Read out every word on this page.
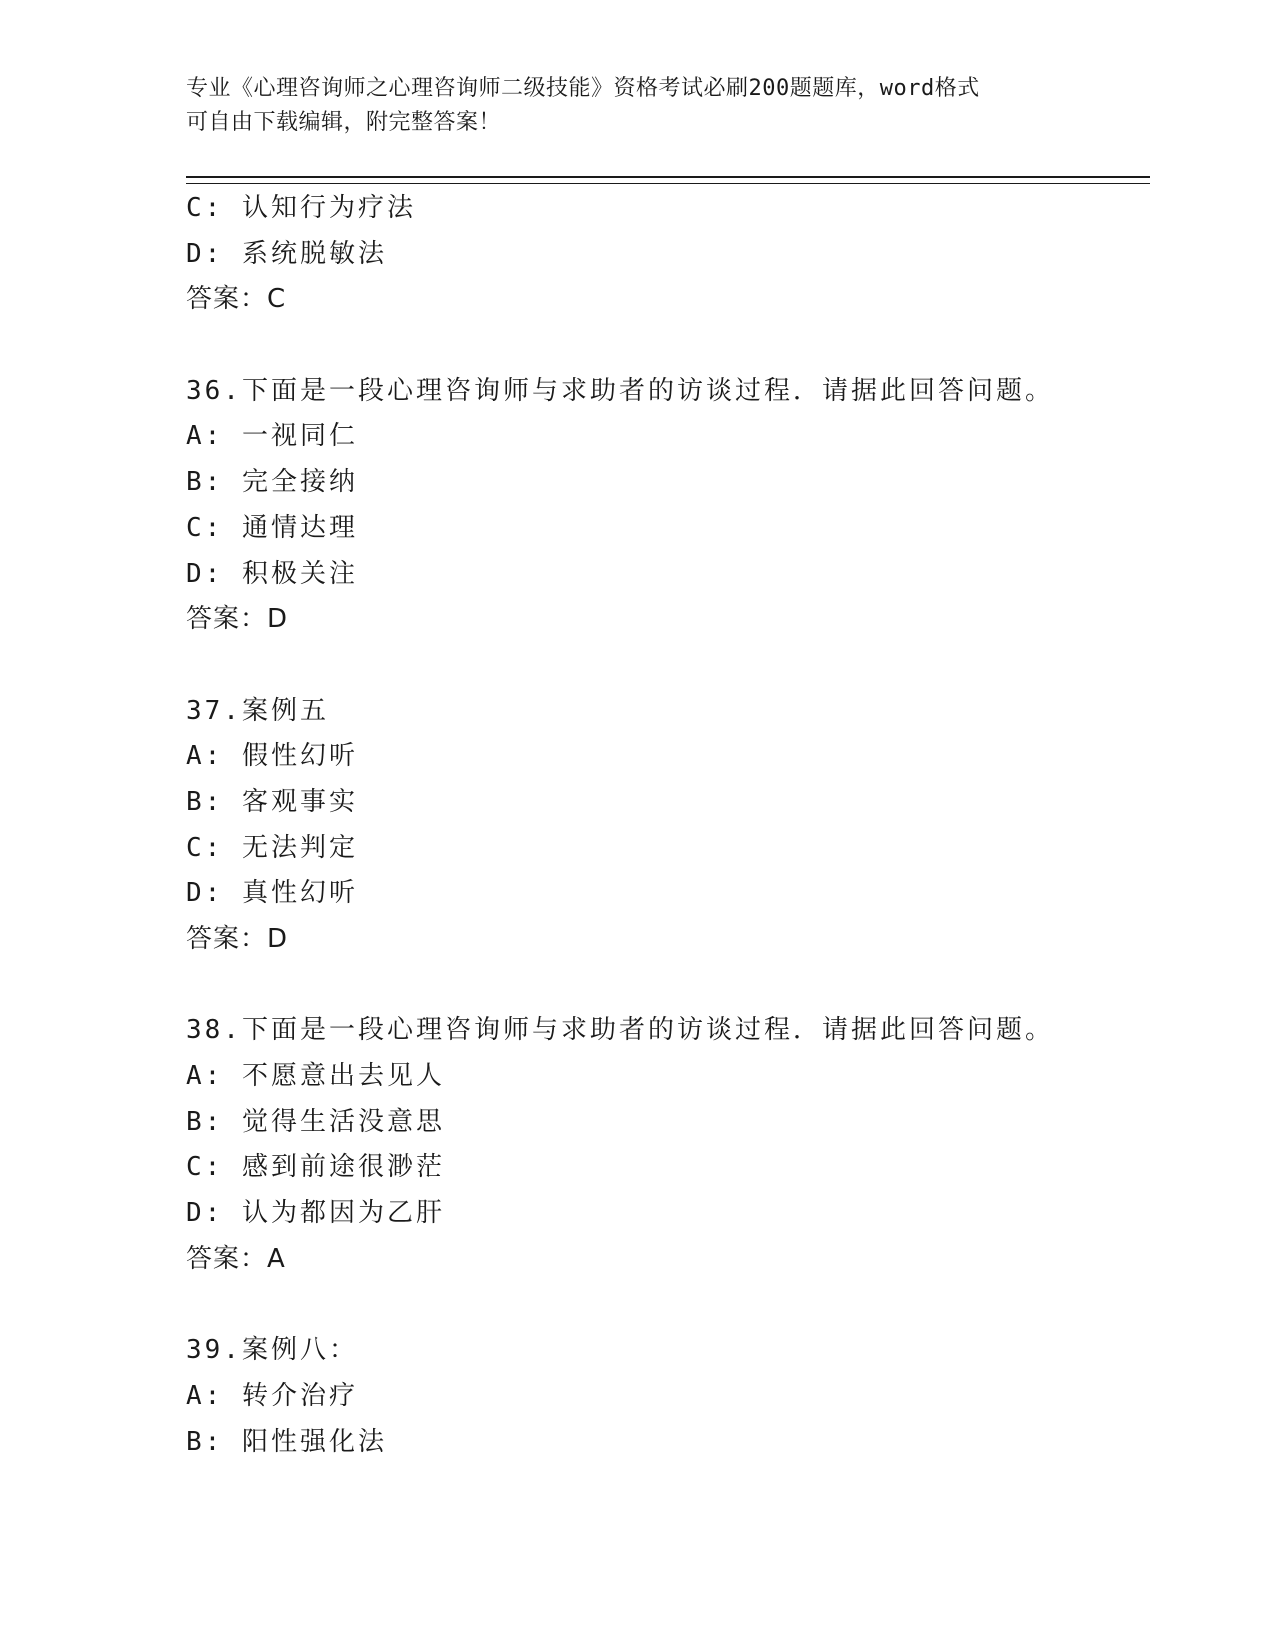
专业《心理咨询师之心理咨询师二级技能》资格考试必刷200题题库，word格式
可自由下载编辑，附完整答案！
C: 认知行为疗法
D: 系统脱敏法
答案：C
36.下面是一段心理咨询师与求助者的访谈过程．请据此回答问题。
A: 一视同仁
B: 完全接纳
C: 通情达理
D: 积极关注
答案：D
37.案例五
A: 假性幻听
B: 客观事实
C: 无法判定
D: 真性幻听
答案：D
38.下面是一段心理咨询师与求助者的访谈过程．请据此回答问题。
A: 不愿意出去见人
B: 觉得生活没意思
C: 感到前途很渺茫
D: 认为都因为乙肝
答案：A
39.案例八：
A: 转介治疗
B: 阳性强化法
